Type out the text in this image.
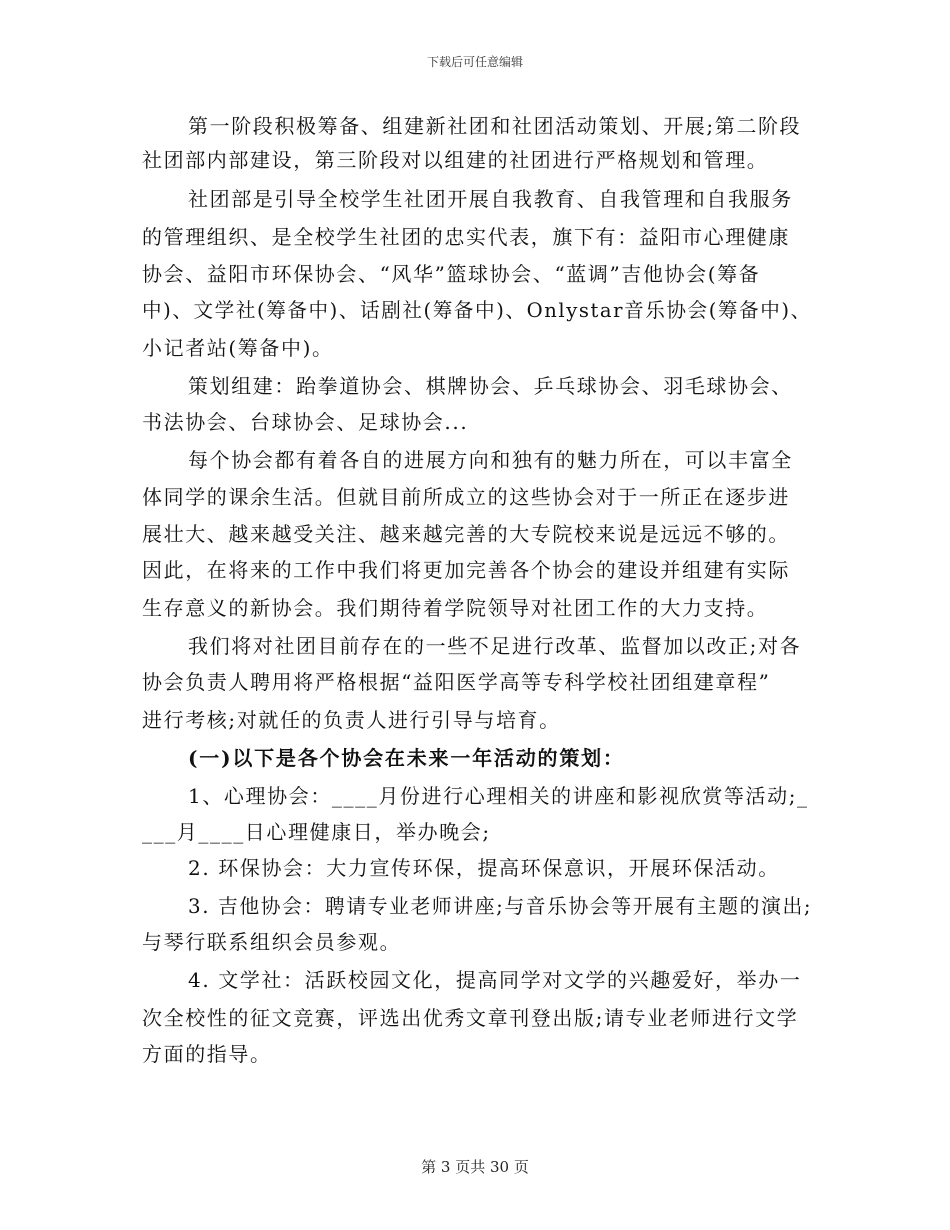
下载后可任意编辑
第一阶段积极筹备、组建新社团和社团活动策划、开展;第二阶段
社团部内部建设，第三阶段对以组建的社团进行严格规划和管理。
社团部是引导全校学生社团开展自我教育、自我管理和自我服务
的管理组织、是全校学生社团的忠实代表，旗下有：益阳市心理健康
协会、益阳市环保协会、“风华”篮球协会、“蓝调”吉他协会(筹备
中)、文学社(筹备中)、话剧社(筹备中)、Onlystar音乐协会(筹备中)、
小记者站(筹备中)。
策划组建：跆拳道协会、棋牌协会、乒乓球协会、羽毛球协会、
书法协会、台球协会、足球协会...
每个协会都有着各自的进展方向和独有的魅力所在，可以丰富全
体同学的课余生活。但就目前所成立的这些协会对于一所正在逐步进
展壮大、越来越受关注、越来越完善的大专院校来说是远远不够的。
因此，在将来的工作中我们将更加完善各个协会的建设并组建有实际
生存意义的新协会。我们期待着学院领导对社团工作的大力支持。
我们将对社团目前存在的一些不足进行改革、监督加以改正;对各
协会负责人聘用将严格根据“益阳医学高等专科学校社团组建章程”
进行考核;对就任的负责人进行引导与培育。
(一)以下是各个协会在未来一年活动的策划：
1、心理协会：____月份进行心理相关的讲座和影视欣赏等活动;_
___月____日心理健康日，举办晚会;
2. 环保协会：大力宣传环保，提高环保意识，开展环保活动。
3. 吉他协会：聘请专业老师讲座;与音乐协会等开展有主题的演出;
与琴行联系组织会员参观。
4. 文学社：活跃校园文化，提高同学对文学的兴趣爱好，举办一
次全校性的征文竞赛，评选出优秀文章刊登出版;请专业老师进行文学
方面的指导。
第 3 页共 30 页
